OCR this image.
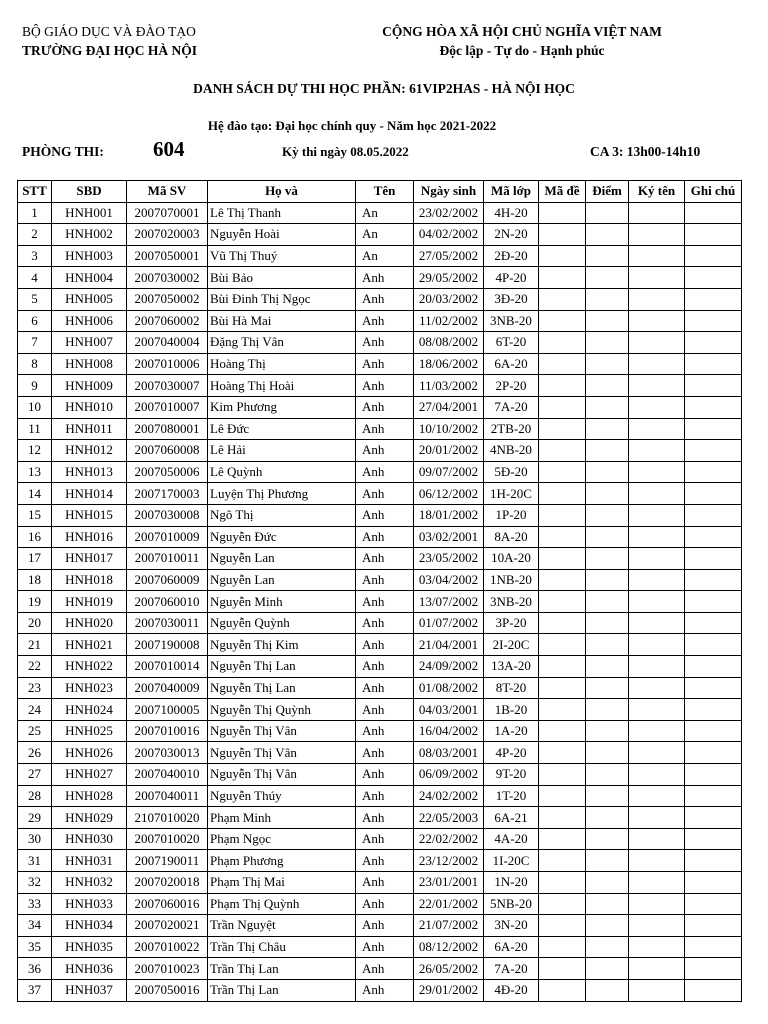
BỘ GIÁO DỤC VÀ ĐÀO TẠO
TRƯỜNG ĐẠI HỌC HÀ NỘI
CỘNG HÒA XÃ HỘI CHỦ NGHĨA VIỆT NAM
Độc lập - Tự do - Hạnh phúc
DANH SÁCH DỰ THI HỌC PHẦN: 61VIP2HAS - HÀ NỘI HỌC
Hệ đào tạo: Đại học chính quy - Năm học 2021-2022
PHÒNG THI: 604	Kỳ thi ngày 08.05.2022	CA 3: 13h00-14h10
STT	SBD	Mã SV	Họ và	Tên	Ngày sinh	Mã lớp	Mã đề	Điểm	Ký tên	Ghi chú
1	HNH001	2007070001	Lê Thị Thanh	An	23/02/2002	4H-20				
2	HNH002	2007020003	Nguyễn Hoài	An	04/02/2002	2N-20				
3	HNH003	2007050001	Vũ Thị Thuý	An	27/05/2002	2Đ-20				
4	HNH004	2007030002	Bùi Bảo	Anh	29/05/2002	4P-20				
5	HNH005	2007050002	Bùi Đinh Thị Ngọc	Anh	20/03/2002	3Đ-20				
6	HNH006	2007060002	Bùi Hà Mai	Anh	11/02/2002	3NB-20				
7	HNH007	2007040004	Đặng Thị Vân	Anh	08/08/2002	6T-20				
8	HNH008	2007010006	Hoàng Thị	Anh	18/06/2002	6A-20				
9	HNH009	2007030007	Hoàng Thị Hoài	Anh	11/03/2002	2P-20				
10	HNH010	2007010007	Kim Phương	Anh	27/04/2001	7A-20				
11	HNH011	2007080001	Lê Đức	Anh	10/10/2002	2TB-20				
12	HNH012	2007060008	Lê Hải	Anh	20/01/2002	4NB-20				
13	HNH013	2007050006	Lê Quỳnh	Anh	09/07/2002	5Đ-20				
14	HNH014	2007170003	Luyện Thị Phương	Anh	06/12/2002	1H-20C				
15	HNH015	2007030008	Ngô Thị	Anh	18/01/2002	1P-20				
16	HNH016	2007010009	Nguyễn Đức	Anh	03/02/2001	8A-20				
17	HNH017	2007010011	Nguyễn Lan	Anh	23/05/2002	10A-20				
18	HNH018	2007060009	Nguyễn Lan	Anh	03/04/2002	1NB-20				
19	HNH019	2007060010	Nguyễn Minh	Anh	13/07/2002	3NB-20				
20	HNH020	2007030011	Nguyễn Quỳnh	Anh	01/07/2002	3P-20				
21	HNH021	2007190008	Nguyễn Thị Kim	Anh	21/04/2001	2I-20C				
22	HNH022	2007010014	Nguyễn Thị Lan	Anh	24/09/2002	13A-20				
23	HNH023	2007040009	Nguyễn Thị Lan	Anh	01/08/2002	8T-20				
24	HNH024	2007100005	Nguyễn Thị Quỳnh	Anh	04/03/2001	1B-20				
25	HNH025	2007010016	Nguyễn Thị Vân	Anh	16/04/2002	1A-20				
26	HNH026	2007030013	Nguyễn Thị Vân	Anh	08/03/2001	4P-20				
27	HNH027	2007040010	Nguyễn Thị Vân	Anh	06/09/2002	9T-20				
28	HNH028	2007040011	Nguyễn Thúy	Anh	24/02/2002	1T-20				
29	HNH029	2107010020	Phạm Minh	Anh	22/05/2003	6A-21				
30	HNH030	2007010020	Phạm Ngọc	Anh	22/02/2002	4A-20				
31	HNH031	2007190011	Phạm Phương	Anh	23/12/2002	1I-20C				
32	HNH032	2007020018	Phạm Thị Mai	Anh	23/01/2001	1N-20				
33	HNH033	2007060016	Phạm Thị Quỳnh	Anh	22/01/2002	5NB-20				
34	HNH034	2007020021	Trần Nguyệt	Anh	21/07/2002	3N-20				
35	HNH035	2007010022	Trần Thị Châu	Anh	08/12/2002	6A-20				
36	HNH036	2007010023	Trần Thị Lan	Anh	26/05/2002	7A-20				
37	HNH037	2007050016	Trần Thị Lan	Anh	29/01/2002	4Đ-20				
